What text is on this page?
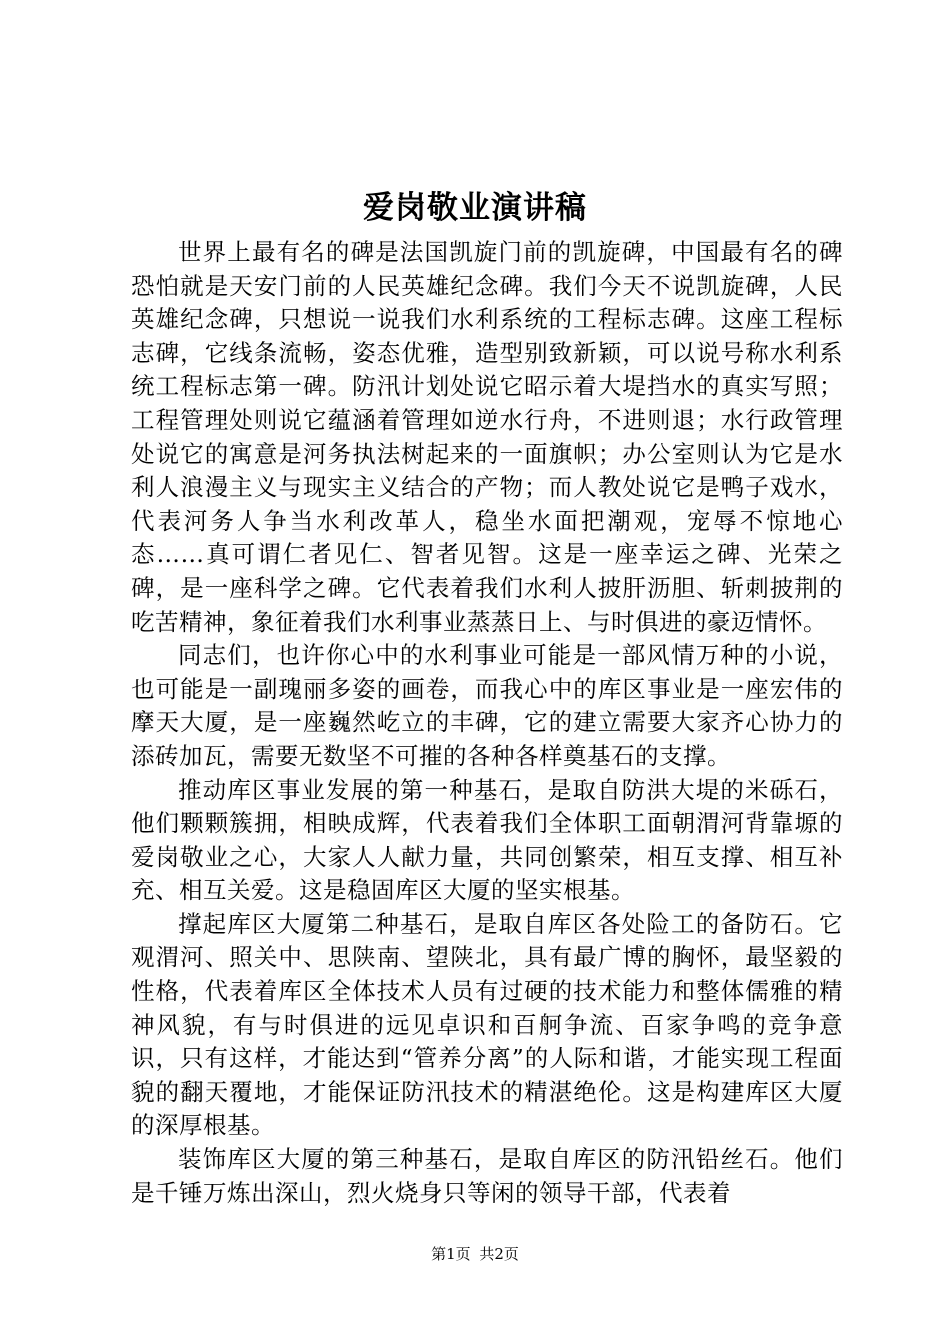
爱岗敬业演讲稿

世界上最有名的碑是法国凯旋门前的凯旋碑，中国最有名的碑恐怕就是天安门前的人民英雄纪念碑。我们今天不说凯旋碑，人民英雄纪念碑，只想说一说我们水利系统的工程标志碑。这座工程标志碑，它线条流畅，姿态优雅，造型别致新颖，可以说号称水利系统工程标志第一碑。防汛计划处说它昭示着大堤挡水的真实写照；工程管理处则说它蕴涵着管理如逆水行舟，不进则退；水行政管理处说它的寓意是河务执法树起来的一面旗帜；办公室则认为它是水利人浪漫主义与现实主义结合的产物；而人教处说它是鸭子戏水，代表河务人争当水利改革人，稳坐水面把潮观，宠辱不惊地心态……真可谓仁者见仁、智者见智。这是一座幸运之碑、光荣之碑，是一座科学之碑。它代表着我们水利人披肝沥胆、斩刺披荆的吃苦精神，象征着我们水利事业蒸蒸日上、与时俱进的豪迈情怀。

同志们，也许你心中的水利事业可能是一部风情万种的小说，也可能是一副瑰丽多姿的画卷，而我心中的库区事业是一座宏伟的摩天大厦，是一座巍然屹立的丰碑，它的建立需要大家齐心协力的添砖加瓦，需要无数坚不可摧的各种各样奠基石的支撑。

推动库区事业发展的第一种基石，是取自防洪大堤的米砾石，他们颗颗簇拥，相映成辉，代表着我们全体职工面朝渭河背靠塬的爱岗敬业之心，大家人人献力量，共同创繁荣，相互支撑、相互补充、相互关爱。这是稳固库区大厦的坚实根基。

撑起库区大厦第二种基石，是取自库区各处险工的备防石。它观渭河、照关中、思陕南、望陕北，具有最广博的胸怀，最坚毅的性格，代表着库区全体技术人员有过硬的技术能力和整体儒雅的精神风貌，有与时俱进的远见卓识和百舸争流、百家争鸣的竞争意识，只有这样，才能达到“管养分离”的人际和谐，才能实现工程面貌的翻天覆地，才能保证防汛技术的精湛绝伦。这是构建库区大厦的深厚根基。

装饰库区大厦的第三种基石，是取自库区的防汛铅丝石。他们是千锤万炼出深山，烈火烧身只等闲的领导干部，代表着

第1页 共2页
